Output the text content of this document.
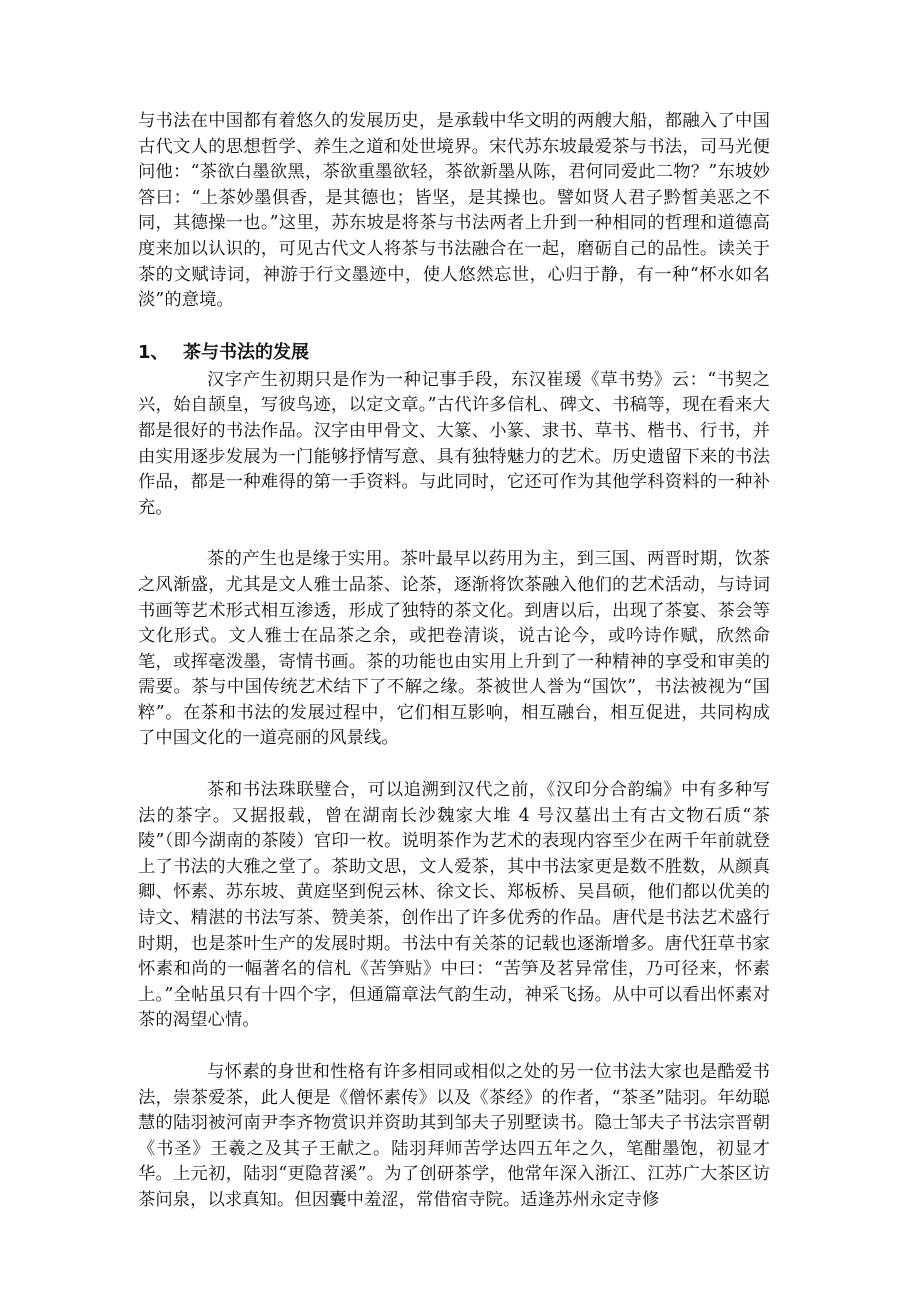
与书法在中国都有着悠久的发展历史，是承载中华文明的两艘大船，都融入了中国古代文人的思想哲学、养生之道和处世境界。宋代苏东坡最爱茶与书法，司马光便问他：“茶欲白墨欲黑，茶欲重墨欲轻，茶欲新墨从陈，君何同爱此二物？”东坡妙答曰：“上茶妙墨俱香，是其德也；皆坚，是其操也。譬如贤人君子黔皙美恶之不同，其德操一也。”这里，苏东坡是将茶与书法两者上升到一种相同的哲理和道德高度来加以认识的，可见古代文人将茶与书法融合在一起，磨砺自己的品性。读关于茶的文赋诗词，神游于行文墨迹中，使人悠然忘世，心归于静，有一种“杯水如名淡”的意境。

1、 茶与书法的发展

汉字产生初期只是作为一种记事手段，东汉崔瑗《草书势》云：“书契之兴，始自颉皇，写彼鸟迹，以定文章。”古代许多信札、碑文、书稿等，现在看来大都是很好的书法作品。汉字由甲骨文、大篆、小篆、隶书、草书、楷书、行书，并由实用逐步发展为一门能够抒情写意、具有独特魅力的艺术。历史遗留下来的书法作品，都是一种难得的第一手资料。与此同时，它还可作为其他学科资料的一种补充。

茶的产生也是缘于实用。茶叶最早以药用为主，到三国、两晋时期，饮茶之风渐盛，尤其是文人雅士品茶、论茶，逐渐将饮茶融入他们的艺术活动，与诗词书画等艺术形式相互渗透，形成了独特的茶文化。到唐以后，出现了茶宴、茶会等文化形式。文人雅士在品茶之余，或把卷清谈，说古论今，或吟诗作赋，欣然命笔，或挥毫泼墨，寄情书画。茶的功能也由实用上升到了一种精神的享受和审美的需要。茶与中国传统艺术结下了不解之缘。茶被世人誉为“国饮”，书法被视为“国粹”。在茶和书法的发展过程中，它们相互影响，相互融台，相互促进，共同构成了中国文化的一道亮丽的风景线。

茶和书法珠联璧合，可以追溯到汉代之前，《汉印分合韵编》中有多种写法的茶字。又据报载，曾在湖南长沙魏家大堆 4 号汉墓出土有古文物石质“茶陵”（即今湖南的茶陵）官印一枚。说明茶作为艺术的表现内容至少在两千年前就登上了书法的大雅之堂了。茶助文思，文人爱茶，其中书法家更是数不胜数，从颜真卿、怀素、苏东坡、黄庭坚到倪云林、徐文长、郑板桥、吴昌硕，他们都以优美的诗文、精湛的书法写茶、赞美茶，创作出了许多优秀的作品。唐代是书法艺术盛行时期，也是茶叶生产的发展时期。书法中有关茶的记载也逐渐增多。唐代狂草书家怀素和尚的一幅著名的信札《苦笋贴》中曰：“苦笋及茗异常佳，乃可径来，怀素上。”全帖虽只有十四个字，但通篇章法气韵生动，神采飞扬。从中可以看出怀素对茶的渴望心情。

与怀素的身世和性格有许多相同或相似之处的另一位书法大家也是酷爱书法，崇茶爱茶，此人便是《僧怀素传》以及《茶经》的作者，“茶圣”陆羽。年幼聪慧的陆羽被河南尹李齐物赏识并资助其到邹夫子别墅读书。隐士邹夫子书法宗晋朝《书圣》王羲之及其子王献之。陆羽拜师苦学达四五年之久，笔酣墨饱，初显才华。上元初，陆羽“更隐苕溪”。为了创研茶学，他常年深入浙江、江苏广大茶区访茶问泉，以求真知。但因囊中羞涩，常借宿寺院。适逢苏州永定寺修
